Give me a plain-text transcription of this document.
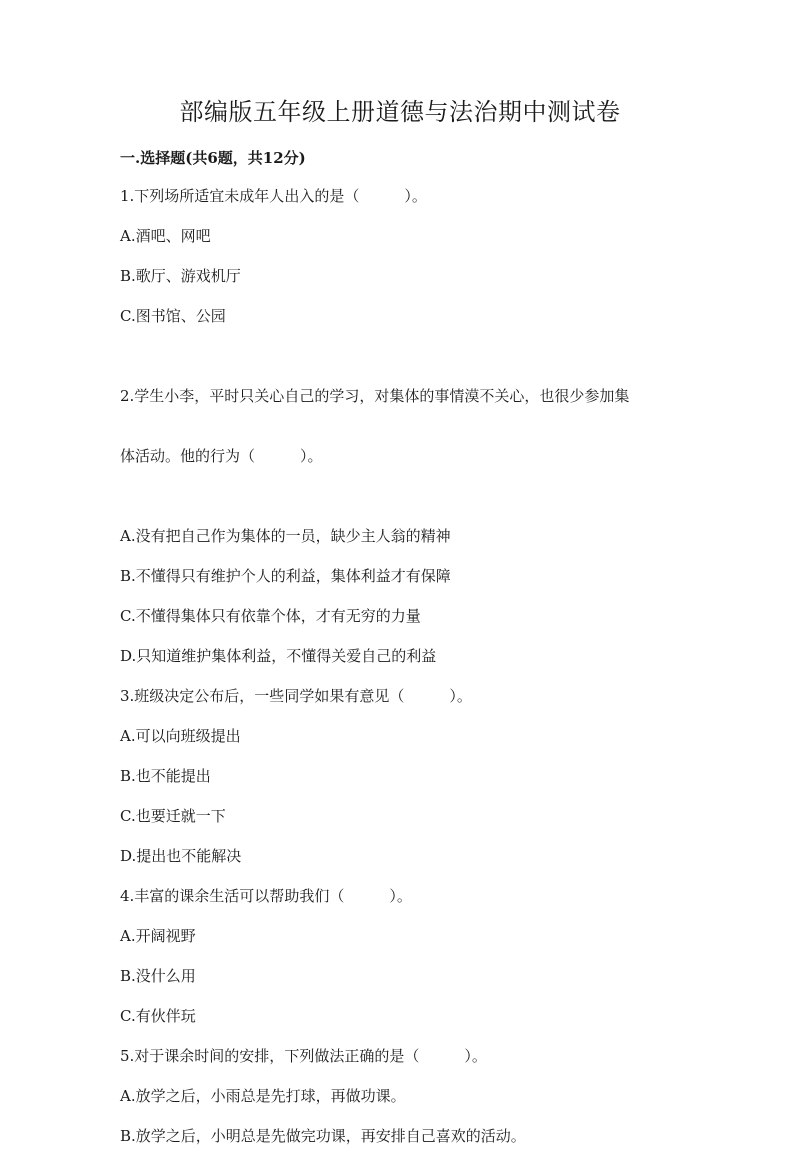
部编版五年级上册道德与法治期中测试卷
一.选择题(共6题，共12分)
1.下列场所适宜未成年人出入的是（　　　）。
A.酒吧、网吧
B.歌厅、游戏机厅
C.图书馆、公园

2.学生小李，平时只关心自己的学习，对集体的事情漠不关心，也很少参加集

体活动。他的行为（　　　）。

A.没有把自己作为集体的一员，缺少主人翁的精神
B.不懂得只有维护个人的利益，集体利益才有保障
C.不懂得集体只有依靠个体，才有无穷的力量
D.只知道维护集体利益，不懂得关爱自己的利益
3.班级决定公布后，一些同学如果有意见（　　　）。
A.可以向班级提出
B.也不能提出
C.也要迁就一下
D.提出也不能解决
4.丰富的课余生活可以帮助我们（　　　）。
A.开阔视野
B.没什么用
C.有伙伴玩
5.对于课余时间的安排，下列做法正确的是（　　　）。
A.放学之后，小雨总是先打球，再做功课。
B.放学之后，小明总是先做完功课，再安排自己喜欢的活动。
